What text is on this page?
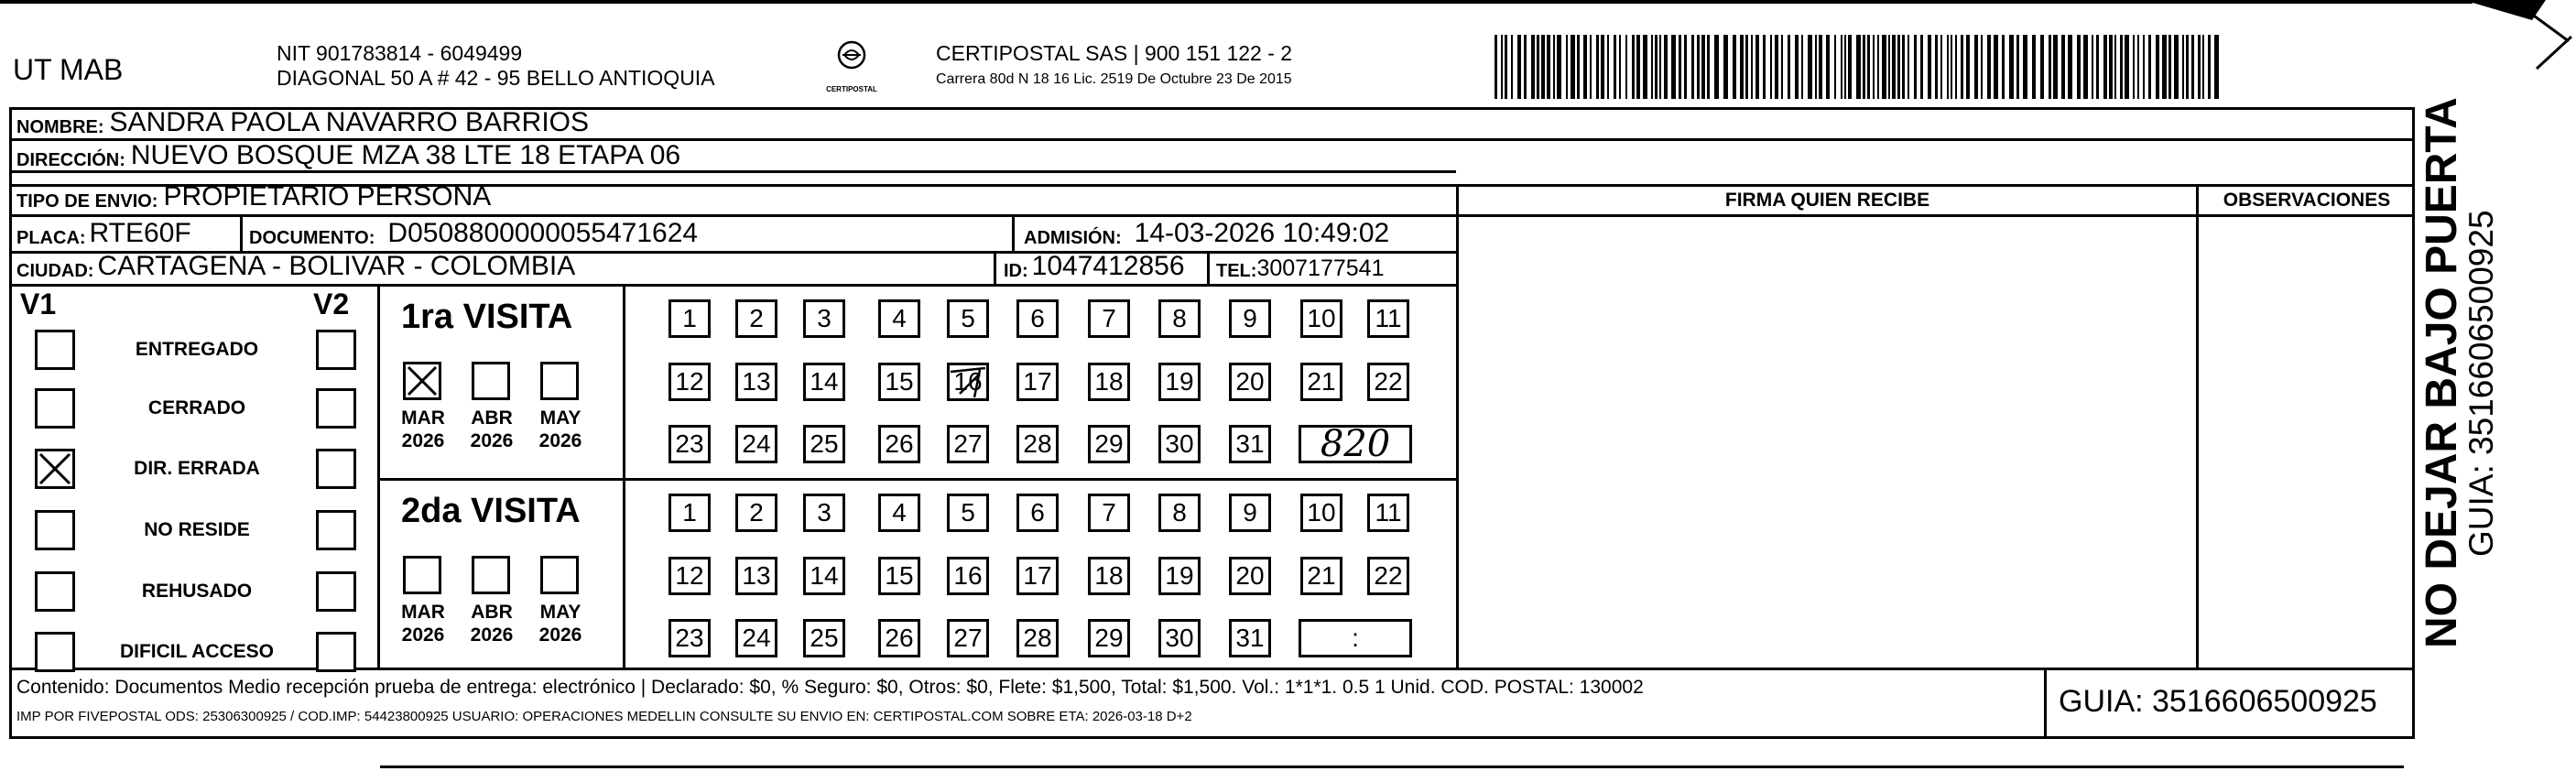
UT MAB	NIT 901783814 - 6049499
DIAGONAL 50 A # 42 - 95 BELLO ANTIOQUIA	CERTIPOSTAL
CERTIPOSTAL SAS | 900 151 122 - 2
Carrera 80d N 18 16 Lic. 2519 De Octubre 23 De 2015
NOMBRE: SANDRA PAOLA NAVARRO BARRIOS
DIRECCIÓN: NUEVO BOSQUE MZA 38 LTE 18 ETAPA 06
TIPO DE ENVIO: PROPIETARIO PERSONA
PLACA: RTE60F	DOCUMENTO: D0508800000055471624	ADMISIÓN: 14-03-2026 10:49:02
CIUDAD: CARTAGENA - BOLIVAR - COLOMBIA	ID: 1047412856 TEL: 3007177541
FIRMA QUIEN RECIBE	OBSERVACIONES
V1	V2
ENTREGADO
CERRADO
DIR. ERRADA
NO RESIDE
REHUSADO
DIFICIL ACCESO
1ra VISITA
MAR
2026
ABR
2026
MAY
2026
1 2 3 4 5 6 7 8 9 10 11
12 13 14 15 16 17 18 19 20 21 22
23 24 25 26 27 28 29 30 31 820
2da VISITA
MAR
2026
ABR
2026
MAY
2026
1 2 3 4 5 6 7 8 9 10 11
12 13 14 15 16 17 18 19 20 21 22
23 24 25 26 27 28 29 30 31	:
Contenido: Documentos Medio recepción prueba de entrega: electrónico | Declarado: $0, % Seguro: $0, Otros: $0, Flete: $1,500, Total: $1,500. Vol.: 1*1*1. 0.5 1 Unid. COD. POSTAL: 130002
IMP POR FIVEPOSTAL ODS: 25306300925 / COD.IMP: 54423800925 USUARIO: OPERACIONES MEDELLIN CONSULTE SU ENVIO EN: CERTIPOSTAL.COM SOBRE ETA: 2026-03-18 D+2	GUIA: 3516606500925
NO DEJAR BAJO PUERTA
GUIA: 3516606500925
